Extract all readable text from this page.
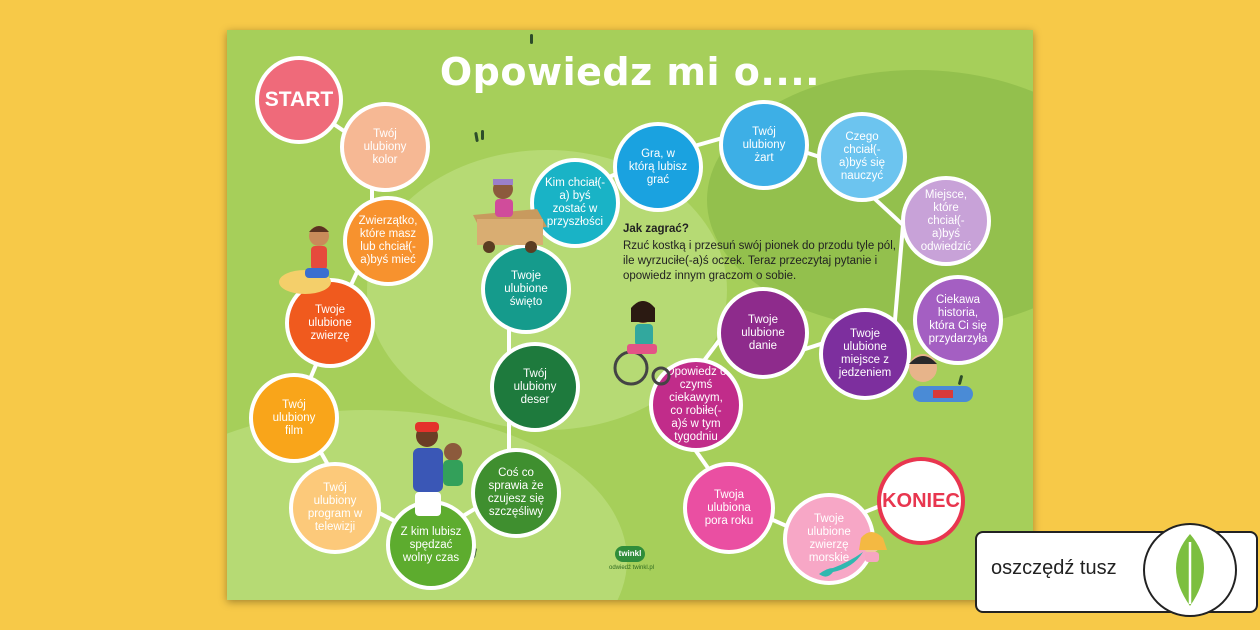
Opowiedz mi o....
START
Twój ulubiony kolor
Zwierzątko, które masz lub chciał(-a)byś mieć
Twoje ulubione zwierzę
Twój ulubiony film
Twój ulubiony program w telewizji	Z kim lubisz spędzać wolny czas
Coś co sprawia że czujesz się szczęśliwy
Twój ulubiony deser
Twoje ulubione święto
Kim chciał(-a) byś zostać w przyszłości
Gra, w którą lubisz grać
Twój ulubiony żart
Czego chciał(-a)byś się nauczyć
Miejsce, które chciał(-a)byś odwiedzić
Ciekawa historia, która Ci się przydarzyła
Twoje ulubione miejsce z jedzeniem
Twoje ulubione danie
Opowiedz o czymś ciekawym, co robiłe(-a)ś w tym tygodniu
Twoja ulubiona pora roku	Twoje ulubione zwierzę morskie
KONIEC
Jak zagrać?
Rzuć kostką i przesuń swój pionek do przodu tyle pól, ile wyrzuciłe(-a)ś oczek. Teraz przeczytaj pytanie i opowiedz innym graczom o sobie.
twinkl
odwiedź twinkl.pl	oszczędź tusz
